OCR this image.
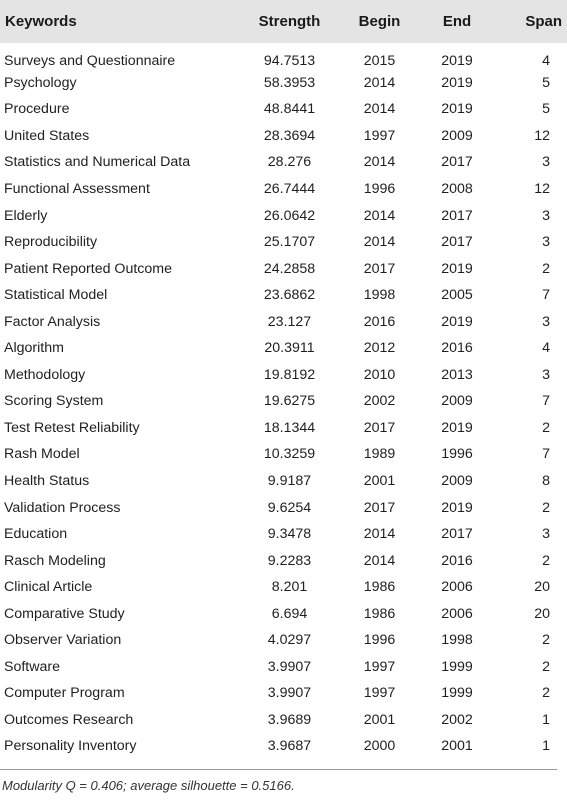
Keywords	Strength	Begin	End	Span
Surveys and Questionnaire	94.7513	2015	2019	4
Psychology	58.3953	2014	2019	5
Procedure	48.8441	2014	2019	5
United States	28.3694	1997	2009	12
Statistics and Numerical Data	28.276	2014	2017	3
Functional Assessment	26.7444	1996	2008	12
Elderly	26.0642	2014	2017	3
Reproducibility	25.1707	2014	2017	3
Patient Reported Outcome	24.2858	2017	2019	2
Statistical Model	23.6862	1998	2005	7
Factor Analysis	23.127	2016	2019	3
Algorithm	20.3911	2012	2016	4
Methodology	19.8192	2010	2013	3
Scoring System	19.6275	2002	2009	7
Test Retest Reliability	18.1344	2017	2019	2
Rash Model	10.3259	1989	1996	7
Health Status	9.9187	2001	2009	8
Validation Process	9.6254	2017	2019	2
Education	9.3478	2014	2017	3
Rasch Modeling	9.2283	2014	2016	2
Clinical Article	8.201	1986	2006	20
Comparative Study	6.694	1986	2006	20
Observer Variation	4.0297	1996	1998	2
Software	3.9907	1997	1999	2
Computer Program	3.9907	1997	1999	2
Outcomes Research	3.9689	2001	2002	1
Personality Inventory	3.9687	2000	2001	1
Modularity Q = 0.406; average silhouette = 0.5166.
